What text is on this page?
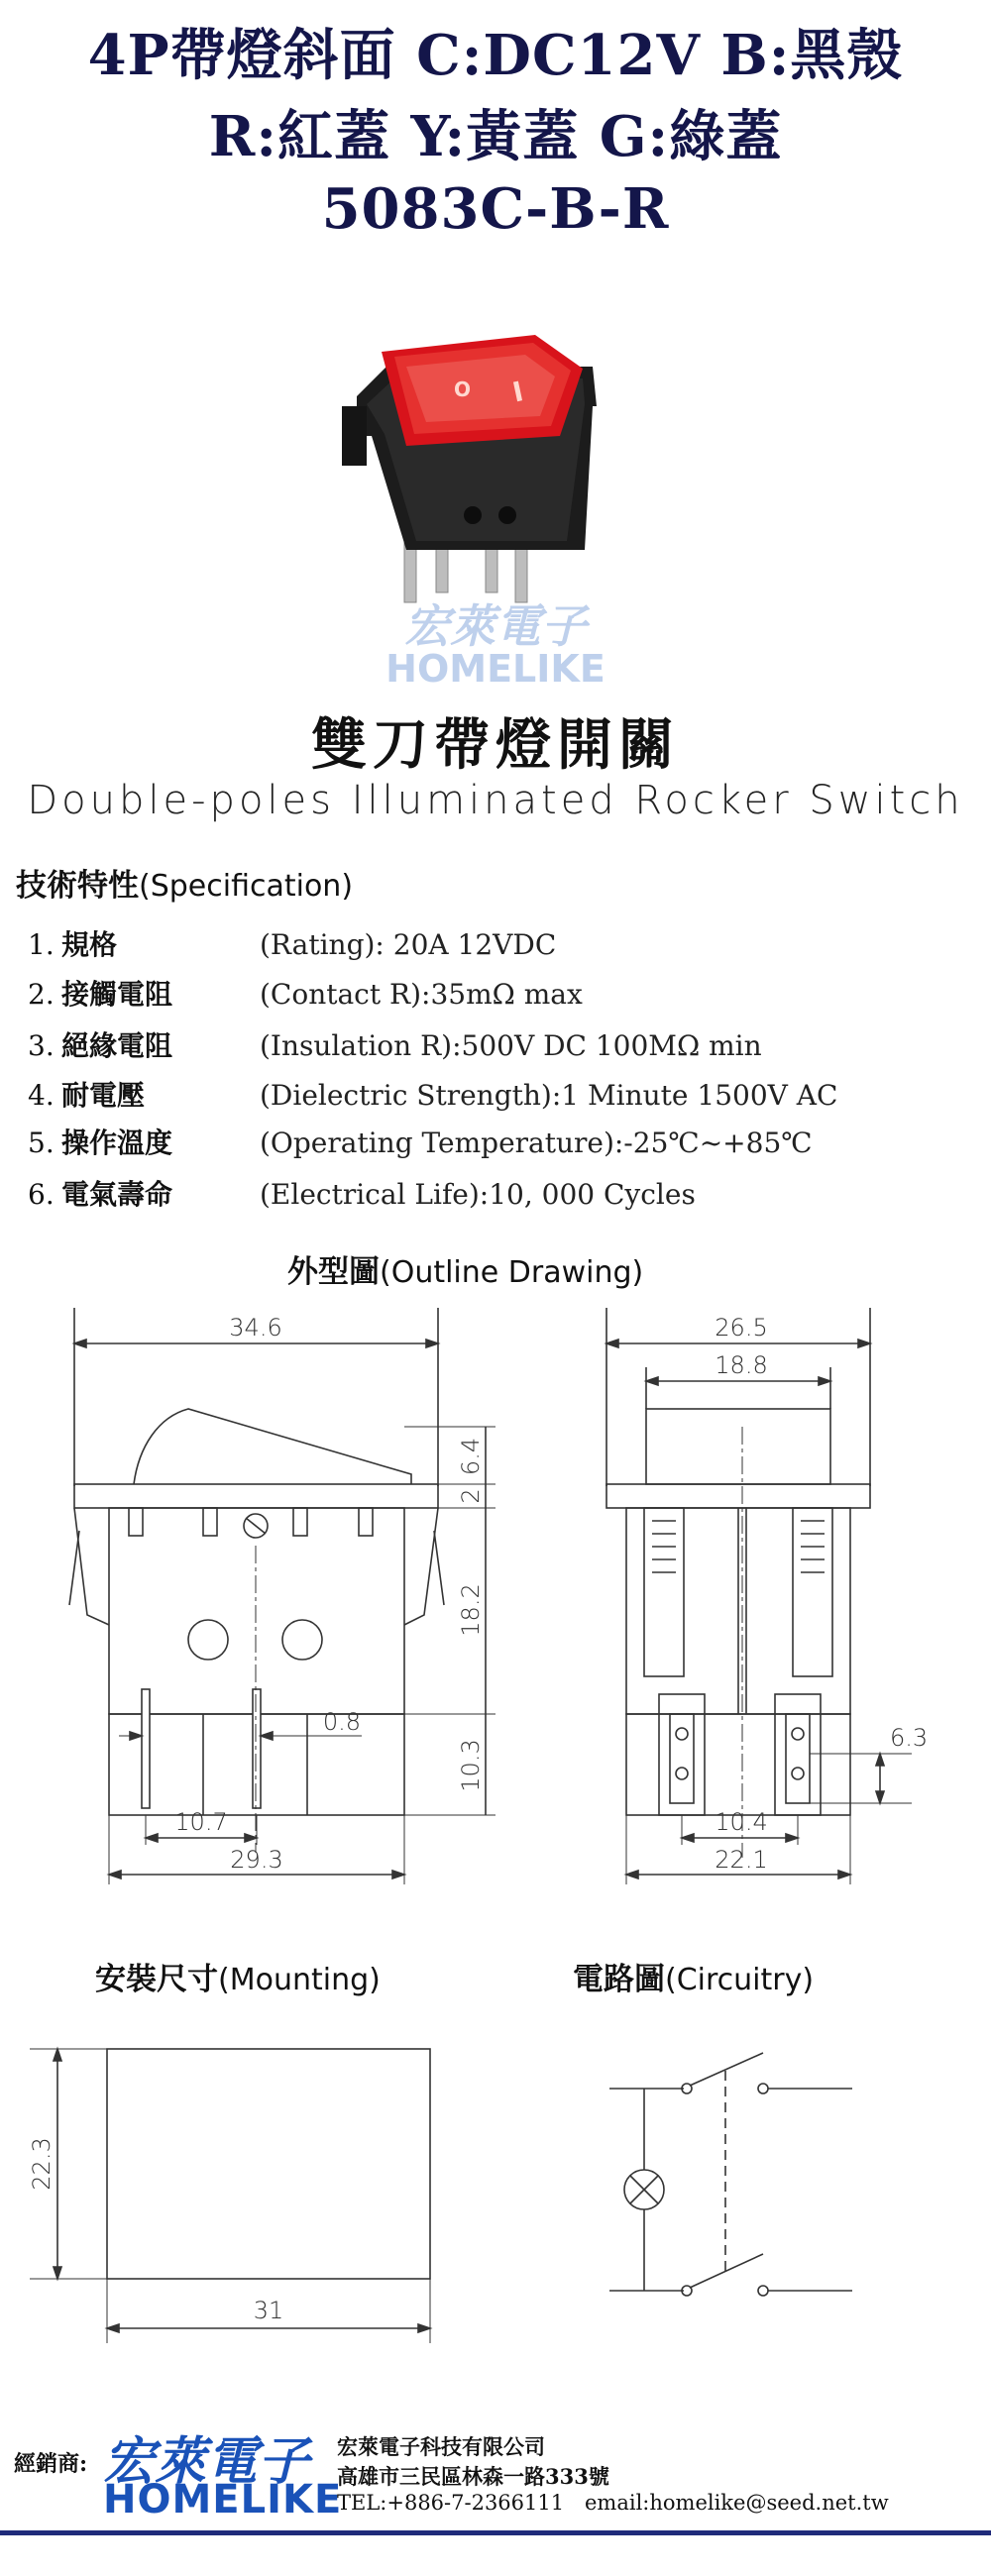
4P帶燈斜面 C:DC12V B:黑殼
R:紅蓋 Y:黃蓋 G:綠蓋
5083C-B-R
O
宏萊電子
HOMELIKE
雙刀帶燈開關
Double-poles Illuminated Rocker Switch
技術特性(Specification)
1. 規格	(Rating): 20A 12VDC
2. 接觸電阻	(Contact R):35mΩ max
3. 絕緣電阻	(Insulation R):500V DC 100MΩ min
4. 耐電壓	(Dielectric Strength):1 Minute 1500V AC
5. 操作溫度	(Operating Temperature):-25℃~+85℃
6. 電氣壽命	(Electrical Life):10, 000 Cycles
外型圖(Outline Drawing)
34.6
6.4
2
18.2
10.3
0.8
10.7
29.3
26.5
18.8
6.3
10.4
22.1
安裝尺寸(Mounting)	電路圖(Circuitry)
22.3
31
經銷商: 宏萊電子
HOMELIKE
宏萊電子科技有限公司
高雄市三民區林森一路333號
TEL:+886-7-2366111 email:homelike@seed.net.tw
